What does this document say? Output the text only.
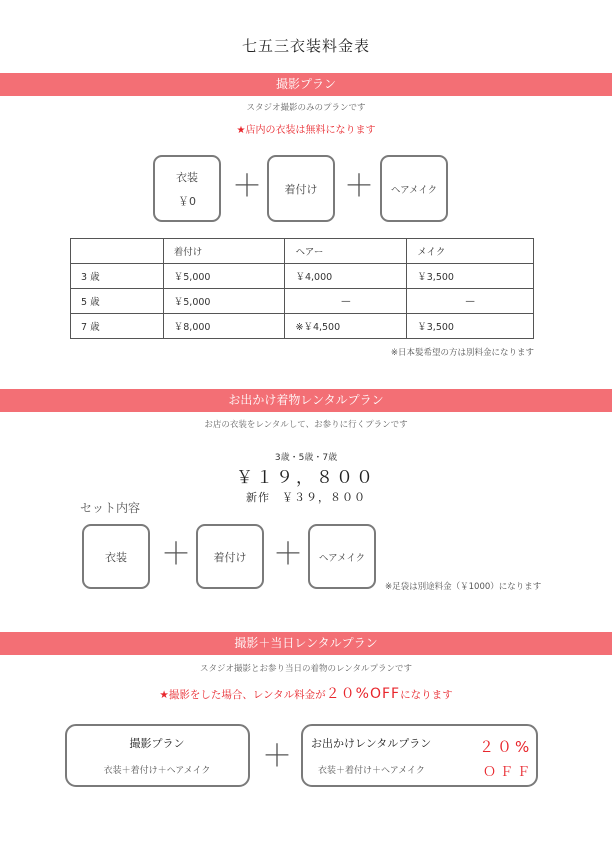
七五三衣装料金表
撮影プラン
スタジオ撮影のみのプランです
★店内の衣装は無料になります
衣装
￥0 ＋ 着付け ＋ ヘアメイク
	着付け	ヘアー	メイク
3 歳	￥5,000	￥4,000	￥3,500
5 歳	￥5,000	—	—
7 歳	￥8,000	※￥4,500	￥3,500
※日本髪希望の方は別料金になります
お出かけ着物レンタルプラン
お店の衣装をレンタルして、お参りに行くプランです
3歳・5歳・7歳
￥１９，８００
新作　￥３９，８００
セット内容
衣装 ＋ 着付け ＋ ヘアメイク
※足袋は別途料金（￥1000）になります
撮影＋当日レンタルプラン
スタジオ撮影とお参り当日の着物のレンタルプランです
★撮影をした場合、レンタル料金が２０%OFFになります
撮影プラン
衣装＋着付け＋ヘアメイク	＋ お出かけレンタルプラン
衣装＋着付け＋ヘアメイク
２０%
ＯＦＦ
